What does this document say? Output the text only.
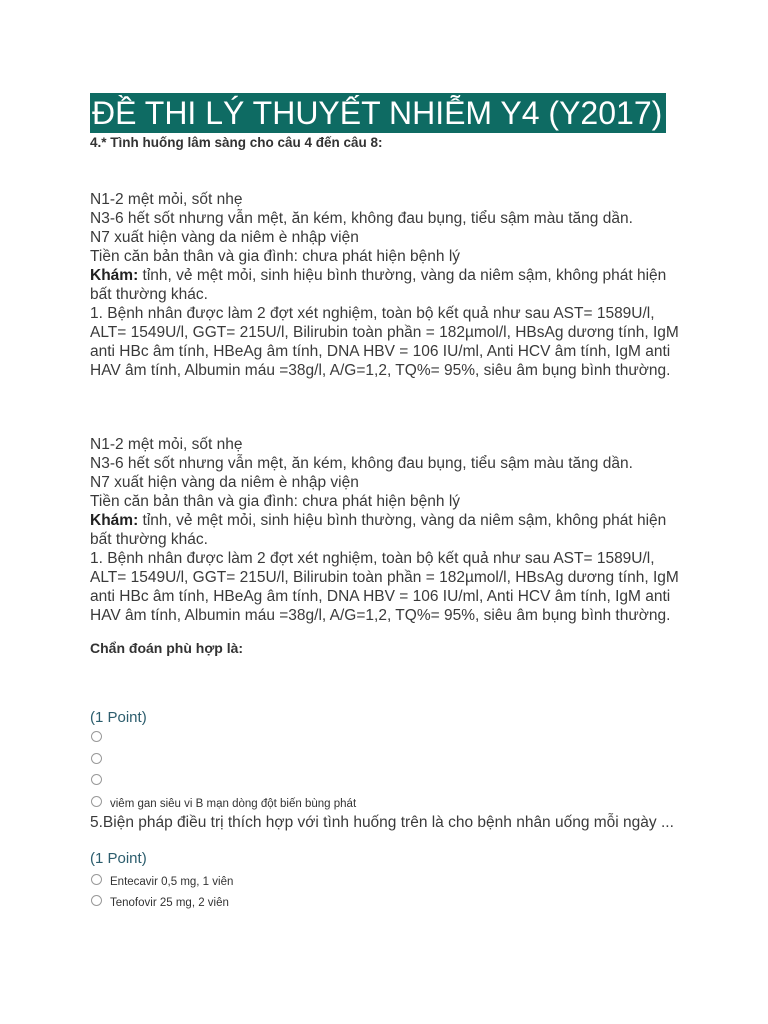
ĐỀ THI LÝ THUYẾT NHIỄM Y4 (Y2017)
4.* Tình huống lâm sàng cho câu 4 đến câu 8:

N1-2 mệt mỏi, sốt nhẹ

N3-6 hết sốt nhưng vẫn mệt, ăn kém, không đau bụng, tiểu sậm màu tăng dần.

N7 xuất hiện vàng da niêm è nhập viện

Tiền căn bản thân và gia đình: chưa phát hiện bệnh lý

Khám: tỉnh, vẻ mệt mỏi, sinh hiệu bình thường, vàng da niêm sậm, không phát hiện bất thường khác.

1. Bệnh nhân được làm 2 đợt xét nghiệm, toàn bộ kết quả như sau AST= 1589U/l, ALT= 1549U/l, GGT= 215U/l, Bilirubin toàn phần = 182µmol/l, HBsAg dương tính, IgM anti HBc âm tính, HBeAg âm tính, DNA HBV = 106 IU/ml, Anti HCV âm tính, IgM anti HAV âm tính, Albumin máu =38g/l, A/G=1,2, TQ%= 95%, siêu âm bụng bình thường.

N1-2 mệt mỏi, sốt nhẹ

N3-6 hết sốt nhưng vẫn mệt, ăn kém, không đau bụng, tiểu sậm màu tăng dần.

N7 xuất hiện vàng da niêm è nhập viện

Tiền căn bản thân và gia đình: chưa phát hiện bệnh lý

Khám: tỉnh, vẻ mệt mỏi, sinh hiệu bình thường, vàng da niêm sậm, không phát hiện bất thường khác.

1. Bệnh nhân được làm 2 đợt xét nghiệm, toàn bộ kết quả như sau AST= 1589U/l, ALT= 1549U/l, GGT= 215U/l, Bilirubin toàn phần = 182µmol/l, HBsAg dương tính, IgM anti HBc âm tính, HBeAg âm tính, DNA HBV = 106 IU/ml, Anti HCV âm tính, IgM anti HAV âm tính, Albumin máu =38g/l, A/G=1,2, TQ%= 95%, siêu âm bụng bình thường.

Chẩn đoán phù hợp là:
(1 Point)
viêm gan siêu vi B mạn dòng đột biến bùng phát
5.Biện pháp điều trị thích hợp với tình huống trên là cho bệnh nhân uống mỗi ngày ...
(1 Point)
Entecavir 0,5 mg, 1 viên
Tenofovir 25 mg, 2 viên
